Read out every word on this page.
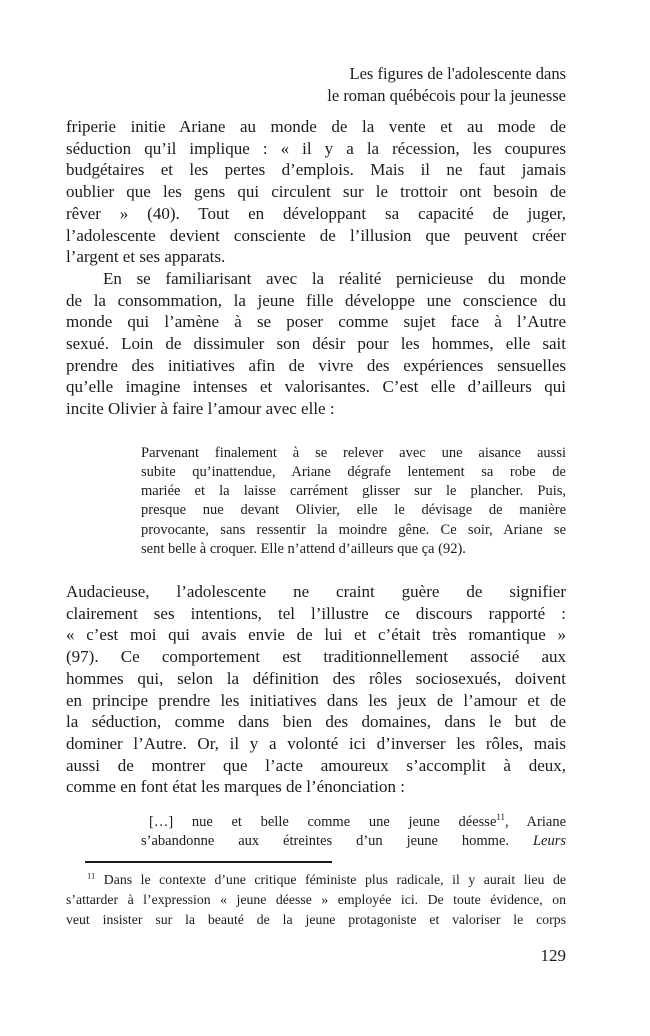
Les figures de l'adolescente dans
le roman québécois pour la jeunesse
friperie initie Ariane au monde de la vente et au mode de
séduction qu’il implique : « il y a la récession, les coupures
budgétaires et les pertes d’emplois. Mais il ne faut jamais
oublier que les gens qui circulent sur le trottoir ont besoin de
rêver » (40). Tout en développant sa capacité de juger,
l’adolescente devient consciente de l’illusion que peuvent créer
l’argent et ses apparats.
En se familiarisant avec la réalité pernicieuse du monde
de la consommation, la jeune fille développe une conscience du
monde qui l’amène à se poser comme sujet face à l’Autre
sexué. Loin de dissimuler son désir pour les hommes, elle sait
prendre des initiatives afin de vivre des expériences sensuelles
qu’elle imagine intenses et valorisantes. C’est elle d’ailleurs qui
incite Olivier à faire l’amour avec elle :
Parvenant finalement à se relever avec une aisance aussi
subite qu’inattendue, Ariane dégrafe lentement sa robe de
mariée et la laisse carrément glisser sur le plancher. Puis,
presque nue devant Olivier, elle le dévisage de manière
provocante, sans ressentir la moindre gêne. Ce soir, Ariane se
sent belle à croquer. Elle n’attend d’ailleurs que ça (92).
Audacieuse, l’adolescente ne craint guère de signifier
clairement ses intentions, tel l’illustre ce discours rapporté :
« c’est moi qui avais envie de lui et c’était très romantique »
(97). Ce comportement est traditionnellement associé aux
hommes qui, selon la définition des rôles sociosexués, doivent
en principe prendre les initiatives dans les jeux de l’amour et de
la séduction, comme dans bien des domaines, dans le but de
dominer l’Autre. Or, il y a volonté ici d’inverser les rôles, mais
aussi de montrer que l’acte amoureux s’accomplit à deux,
comme en font état les marques de l’énonciation :
[…] nue et belle comme une jeune déesse$^{11}$, Ariane
s’abandonne aux étreintes d’un jeune homme. Leurs
$^{11}$ Dans le contexte d’une critique féministe plus radicale, il y aurait lieu de
s’attarder à l’expression « jeune déesse » employée ici. De toute évidence, on
veut insister sur la beauté de la jeune protagoniste et valoriser le corps
129
